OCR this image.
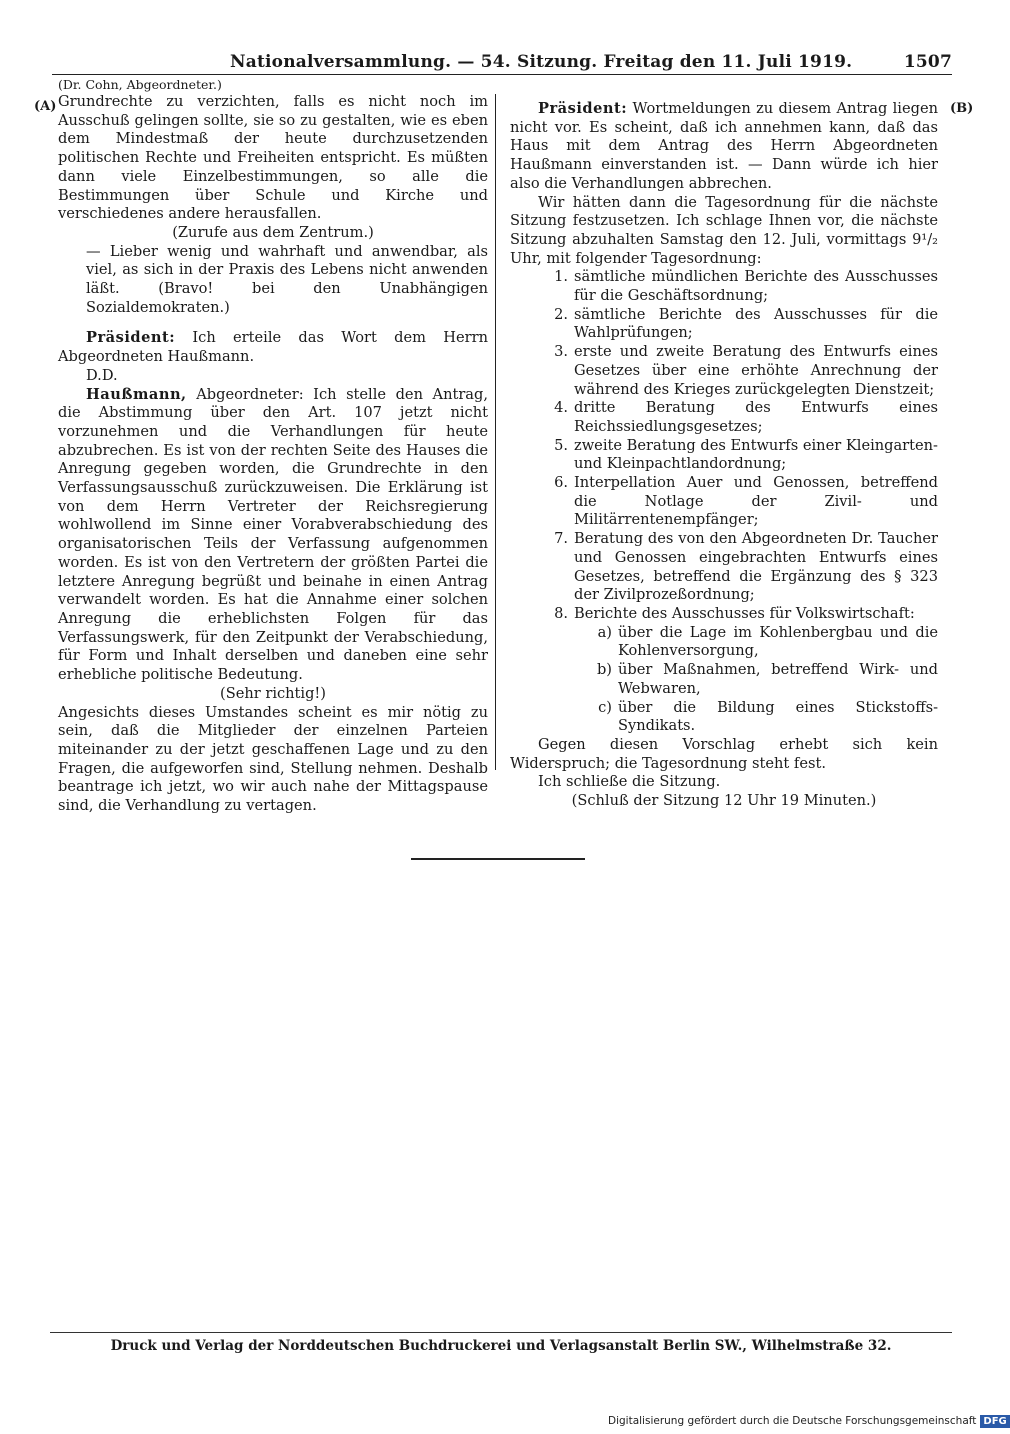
Nationalversammlung. — 54. Sitzung. Freitag den 11. Juli 1919.	1507
(A)	(B)

(Dr. Cohn, Abgeordneter.)

Grundrechte zu verzichten, falls es nicht noch im Ausschuß gelingen sollte, sie so zu gestalten, wie es eben dem Mindestmaß der heute durchzusetzenden politischen Rechte und Freiheiten entspricht. Es müßten dann viele Einzelbestimmungen, so alle die Bestimmungen über Schule und Kirche und verschiedenes andere herausfallen.

(Zurufe aus dem Zentrum.)

— Lieber wenig und wahrhaft und anwendbar, als viel, as sich in der Praxis des Lebens nicht anwenden läßt. (Bravo! bei den Unabhängigen Sozialdemokraten.)

Präsident: Ich erteile das Wort dem Herrn Abgeordneten Haußmann.

D.D.

Haußmann, Abgeordneter: Ich stelle den Antrag, die Abstimmung über den Art. 107 jetzt nicht vorzunehmen und die Verhandlungen für heute abzubrechen. Es ist von der rechten Seite des Hauses die Anregung gegeben worden, die Grundrechte in den Verfassungsausschuß zurückzuweisen. Die Erklärung ist von dem Herrn Vertreter der Reichsregierung wohlwollend im Sinne einer Vorabverabschiedung des organisatorischen Teils der Verfassung aufgenommen worden. Es ist von den Vertretern der größten Partei die letztere Anregung begrüßt und beinahe in einen Antrag verwandelt worden. Es hat die Annahme einer solchen Anregung die erheblichsten Folgen für das Verfassungswerk, für den Zeitpunkt der Verabschiedung, für Form und Inhalt derselben und daneben eine sehr erhebliche politische Bedeutung.

(Sehr richtig!)

Angesichts dieses Umstandes scheint es mir nötig zu sein, daß die Mitglieder der einzelnen Parteien miteinander zu der jetzt geschaffenen Lage und zu den Fragen, die aufgeworfen sind, Stellung nehmen. Deshalb beantrage ich jetzt, wo wir auch nahe der Mittagspause sind, die Verhandlung zu vertagen.

Präsident: Wortmeldungen zu diesem Antrag liegen nicht vor. Es scheint, daß ich annehmen kann, daß das Haus mit dem Antrag des Herrn Abgeordneten Haußmann einverstanden ist. — Dann würde ich hier also die Verhandlungen abbrechen.

Wir hätten dann die Tagesordnung für die nächste Sitzung festzusetzen. Ich schlage Ihnen vor, die nächste Sitzung abzuhalten Samstag den 12. Juli, vormittags 9¹/₂ Uhr, mit folgender Tagesordnung:

1. sämtliche mündlichen Berichte des Ausschusses für die Geschäftsordnung;
2. sämtliche Berichte des Ausschusses für die Wahlprüfungen;
3. erste und zweite Beratung des Entwurfs eines Gesetzes über eine erhöhte Anrechnung der während des Krieges zurückgelegten Dienstzeit;
4. dritte Beratung des Entwurfs eines Reichssiedlungsgesetzes;
5. zweite Beratung des Entwurfs einer Kleingarten- und Kleinpachtlandordnung;
6. Interpellation Auer und Genossen, betreffend die Notlage der Zivil- und Militärrentenempfänger;
7. Beratung des von den Abgeordneten Dr. Taucher und Genossen eingebrachten Entwurfs eines Gesetzes, betreffend die Ergänzung des § 323 der Zivilprozeßordnung;
8. Berichte des Ausschusses für Volkswirtschaft:
a) über die Lage im Kohlenbergbau und die Kohlenversorgung,
b) über Maßnahmen, betreffend Wirk- und Webwaren,
c) über die Bildung eines Stickstoffs-Syndikats.

Gegen diesen Vorschlag erhebt sich kein Widerspruch; die Tagesordnung steht fest.

Ich schließe die Sitzung.

(Schluß der Sitzung 12 Uhr 19 Minuten.)

Druck und Verlag der Norddeutschen Buchdruckerei und Verlagsanstalt Berlin SW., Wilhelmstraße 32.
Digitalisierung gefördert durch die Deutsche Forschungsgemeinschaft DFG
